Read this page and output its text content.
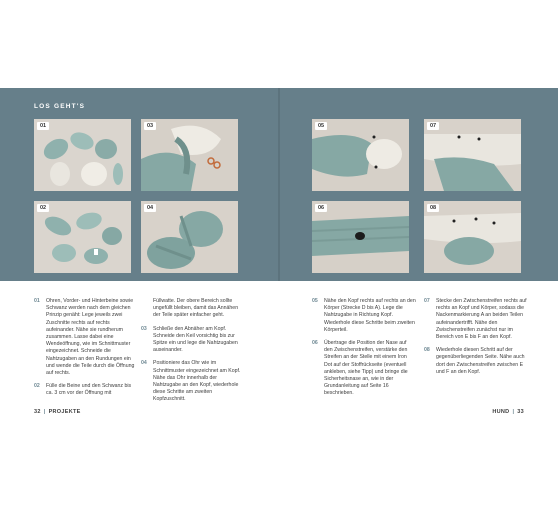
LOS GEHT'S
01	03
02	04
05	07
06	08
01	Ohren, Vorder- und Hinterbeine sowie Schwanz werden nach dem gleichen Prinzip genäht: Lege jeweils zwei Zuschnitte rechts auf rechts aufeinander. Nähe sie rundherum zusammen. Lasse dabei eine Wendeöffnung, wie im Schnittmuster eingezeichnet. Schneide die Nahtzugaben an den Rundungen ein und wende die Teile durch die Öffnung auf rechts.
02	Fülle die Beine und den Schwanz bis ca. 3 cm vor der Öffnung mit
Füllwatte. Der obere Bereich sollte ungefüllt bleiben, damit das Annähen der Teile später einfacher geht.
03	Schließe den Abnäher am Kopf. Schneide den Keil vorsichtig bis zur Spitze ein und lege die Nahtzugaben auseinander.
04	Positioniere das Ohr wie im Schnittmuster eingezeichnet am Kopf. Nähe das Ohr innerhalb der Nahtzugabe an den Kopf, wiederhole diese Schritte am zweiten Kopfzuschnitt.
05	Nähe den Kopf rechts auf rechts an den Körper (Strecke D bis A). Lege die Nahtzugabe in Richtung Kopf. Wiederhole diese Schritte beim zweiten Körperteil.
06	Übertrage die Position der Nase auf den Zwischenstreifen, verstärke den Streifen an der Stelle mit einem Iron Dot auf der Stoffrückseite (eventuell ankleben, siehe Tipp) und bringe die Sicherheitsnase an, wie in der Grundanleitung auf Seite 16 beschrieben.
07	Stecke den Zwischenstreifen rechts auf rechts an Kopf und Körper, sodass die Nackenmarkierung A an beiden Teilen aufeinandertrifft. Nähe den Zwischenstreifen zunächst nur im Bereich von E bis F an den Kopf.
08	Wiederhole diesen Schritt auf der gegenüberliegenden Seite. Nähe auch dort den Zwischenstreifen zwischen E und F an den Kopf.
32 | PROJEKTE	HUND | 33
